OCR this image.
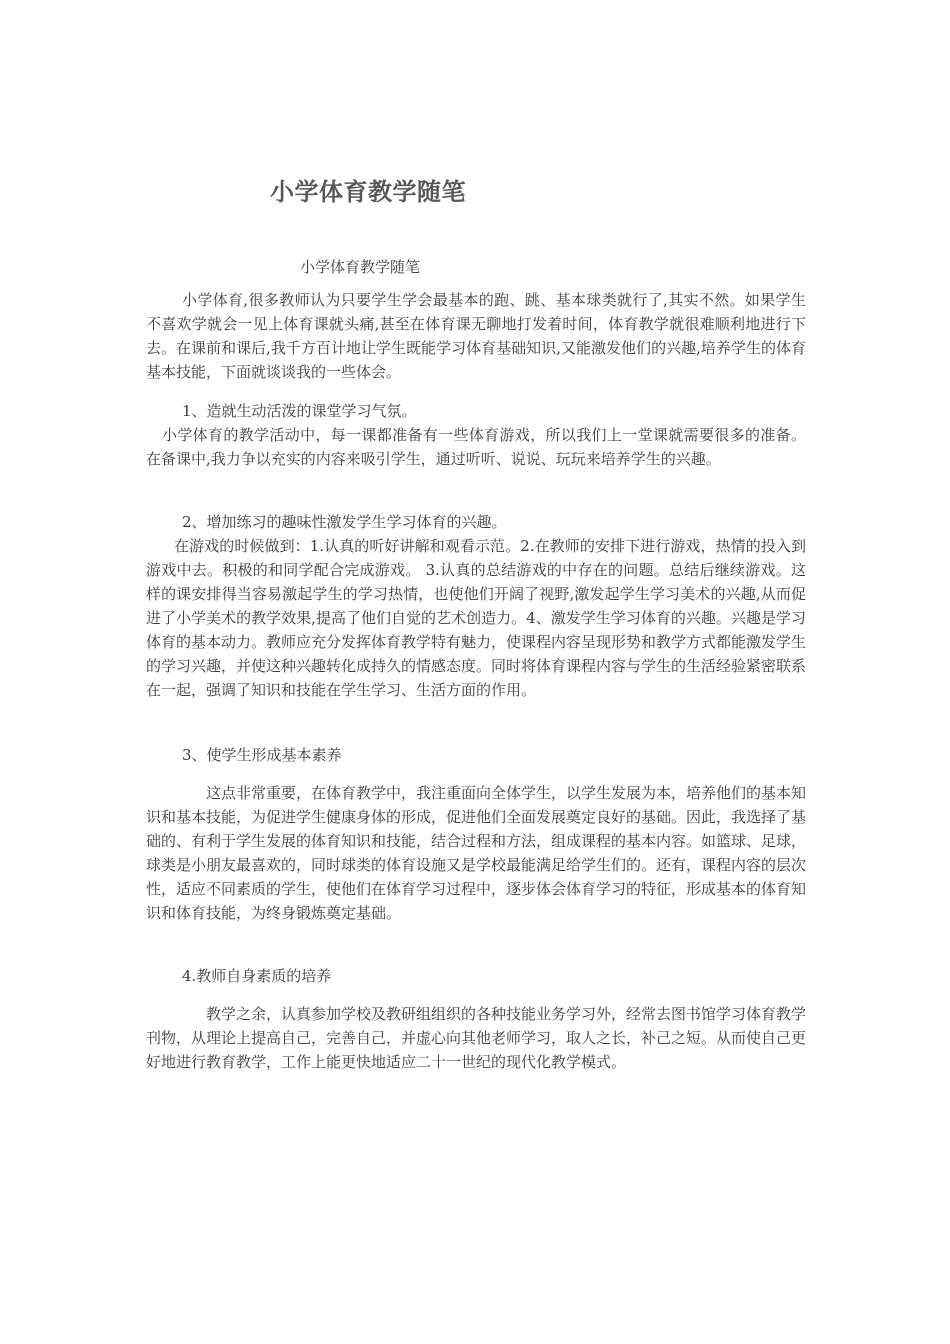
小学体育教学随笔
小学体育教学随笔

小学体育,很多教师认为只要学生学会最基本的跑、跳、基本球类就行了,其实不然。如果学生不喜欢学就会一见上体育课就头痛,甚至在体育课无聊地打发着时间，体育教学就很难顺利地进行下去。在课前和课后,我千方百计地让学生既能学习体育基础知识,又能激发他们的兴趣,培养学生的体育基本技能，下面就谈谈我的一些体会。

1、造就生动活泼的课堂学习气氛。

小学体育的教学活动中，每一课都准备有一些体育游戏，所以我们上一堂课就需要很多的准备。在备课中,我力争以充实的内容来吸引学生，通过听听、说说、玩玩来培养学生的兴趣。

2、增加练习的趣味性激发学生学习体育的兴趣。

在游戏的时候做到：1.认真的听好讲解和观看示范。2.在教师的安排下进行游戏，热情的投入到游戏中去。积极的和同学配合完成游戏。 3.认真的总结游戏的中存在的问题。总结后继续游戏。这样的课安排得当容易激起学生的学习热情，也使他们开阔了视野,激发起学生学习美术的兴趣,从而促进了小学美术的教学效果,提高了他们自觉的艺术创造力。4、激发学生学习体育的兴趣。兴趣是学习体育的基本动力。教师应充分发挥体育教学特有魅力，使课程内容呈现形势和教学方式都能激发学生的学习兴趣，并使这种兴趣转化成持久的情感态度。同时将体育课程内容与学生的生活经验紧密联系在一起，强调了知识和技能在学生学习、生活方面的作用。

3、使学生形成基本素养

这点非常重要，在体育教学中，我注重面向全体学生，以学生发展为本，培养他们的基本知识和基本技能，为促进学生健康身体的形成，促进他们全面发展奠定良好的基础。因此，我选择了基础的、有利于学生发展的体育知识和技能，结合过程和方法，组成课程的基本内容。如篮球、足球，球类是小朋友最喜欢的，同时球类的体育设施又是学校最能满足给学生们的。还有，课程内容的层次性，适应不同素质的学生，使他们在体育学习过程中，逐步体会体育学习的特征，形成基本的体育知识和体育技能，为终身锻炼奠定基础。

4.教师自身素质的培养

教学之余，认真参加学校及教研组组织的各种技能业务学习外，经常去图书馆学习体育教学刊物，从理论上提高自己，完善自己，并虚心向其他老师学习，取人之长，补己之短。从而使自己更好地进行教育教学，工作上能更快地适应二十一世纪的现代化教学模式。
